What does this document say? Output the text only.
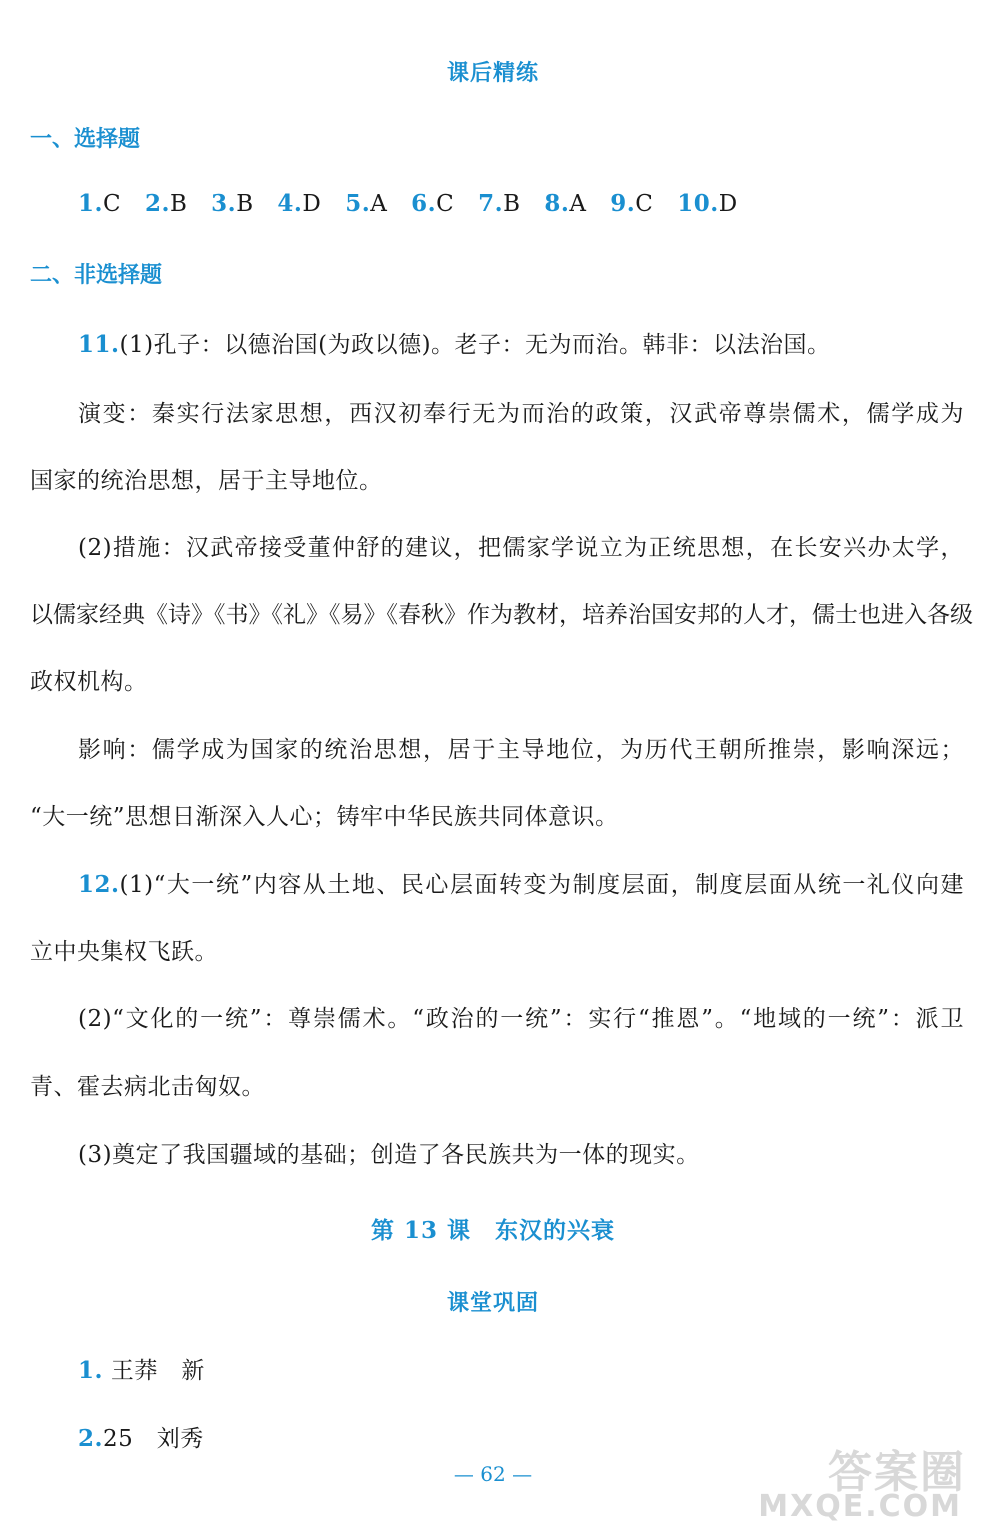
课后精练
一、选择题
1.C 2.B 3.B 4.D 5.A 6.C 7.B 8.A 9.C 10.D
二、非选择题
11.(1)孔子：以德治国(为政以德)。老子：无为而治。韩非：以法治国。
演变：秦实行法家思想，西汉初奉行无为而治的政策，汉武帝尊崇儒术，儒学成为
国家的统治思想，居于主导地位。
(2)措施：汉武帝接受董仲舒的建议，把儒家学说立为正统思想，在长安兴办太学，
以儒家经典《诗》《书》《礼》《易》《春秋》作为教材，培养治国安邦的人才，儒士也进入各级
政权机构。
影响：儒学成为国家的统治思想，居于主导地位，为历代王朝所推崇，影响深远；
“大一统”思想日渐深入人心；铸牢中华民族共同体意识。
12.(1)“大一统”内容从土地、民心层面转变为制度层面，制度层面从统一礼仪向建
立中央集权飞跃。
(2)“文化的一统”：尊崇儒术。“政治的一统”：实行“推恩”。“地域的一统”：派卫
青、霍去病北击匈奴。
(3)奠定了我国疆域的基础；创造了各民族共为一体的现实。
第 13 课　东汉的兴衰
课堂巩固
1. 王莽　新
2.25　刘秀
— 62 —	答案圈
MXQE.COM
